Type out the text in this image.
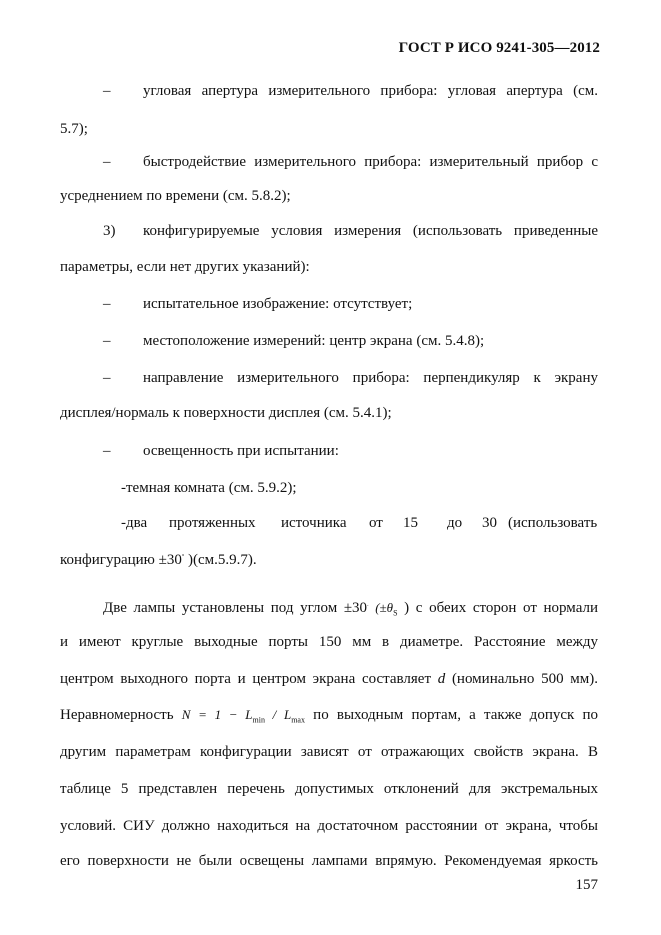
ГОСТ Р ИСО 9241-305—2012
– угловая апертура измерительного прибора: угловая апертура (см.
5.7);
– быстродействие измерительного прибора: измерительный прибор с
усреднением по времени (см. 5.8.2);
3) конфигурируемые условия измерения (использовать приведенные
параметры, если нет других указаний):
– испытательное изображение: отсутствует;
– местоположение измерений: центр экрана (см. 5.4.8);
– направление измерительного прибора: перпендикуляр к экрану
дисплея/нормаль к поверхности дисплея (см. 5.4.1);
– освещенность при испытании:
-темная комната (см. 5.9.2);
-два протяженных источника от 15 до 30 (использовать
конфигурацию ±30° )(см.5.9.7).
Две лампы установлены под углом ±30. ($\pm\theta_S$ ) с обеих сторон от нормали
и имеют круглые выходные порты 150 мм в диаметре. Расстояние между
центром выходного порта и центром экрана составляет d (номинально 500 мм).
Неравномерность $N = 1 - L_{min} / L_{max}$ по выходным портам, а также допуск по
другим параметрам конфигурации зависят от отражающих свойств экрана. В
таблице 5 представлен перечень допустимых отклонений для экстремальных
условий. СИУ должно находиться на достаточном расстоянии от экрана, чтобы
его поверхности не были освещены лампами впрямую. Рекомендуемая яркость
157
